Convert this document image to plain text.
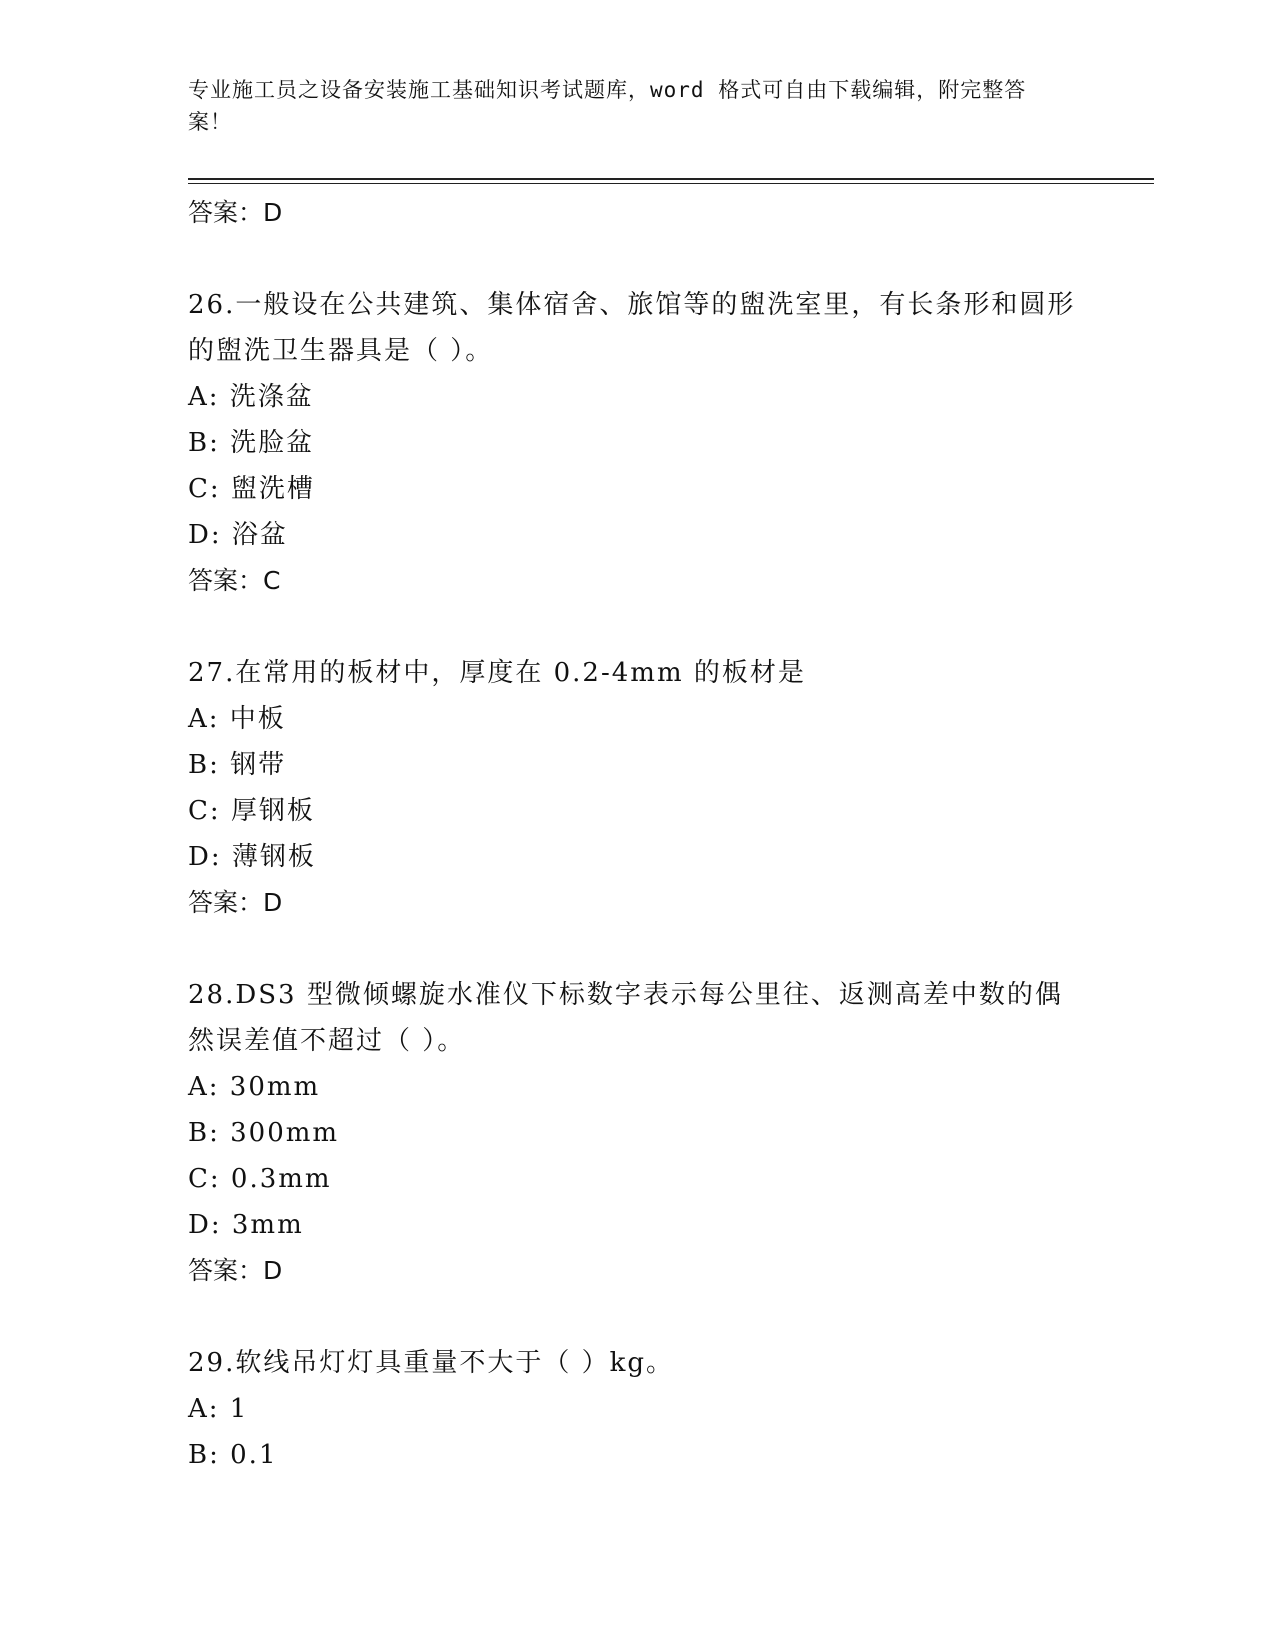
专业施工员之设备安装施工基础知识考试题库，word 格式可自由下载编辑，附完整答案！
答案：D
26.一般设在公共建筑、集体宿舍、旅馆等的盥洗室里，有长条形和圆形的盥洗卫生器具是（ ）。
A: 洗涤盆
B: 洗脸盆
C: 盥洗槽
D: 浴盆
答案：C
27.在常用的板材中，厚度在 0.2-4mm 的板材是
A: 中板
B: 钢带
C: 厚钢板
D: 薄钢板
答案：D
28.DS3 型微倾螺旋水准仪下标数字表示每公里往、返测高差中数的偶然误差值不超过（ ）。
A: 30mm
B: 300mm
C: 0.3mm
D: 3mm
答案：D
29.软线吊灯灯具重量不大于（ ）kg。
A: 1
B: 0.1
